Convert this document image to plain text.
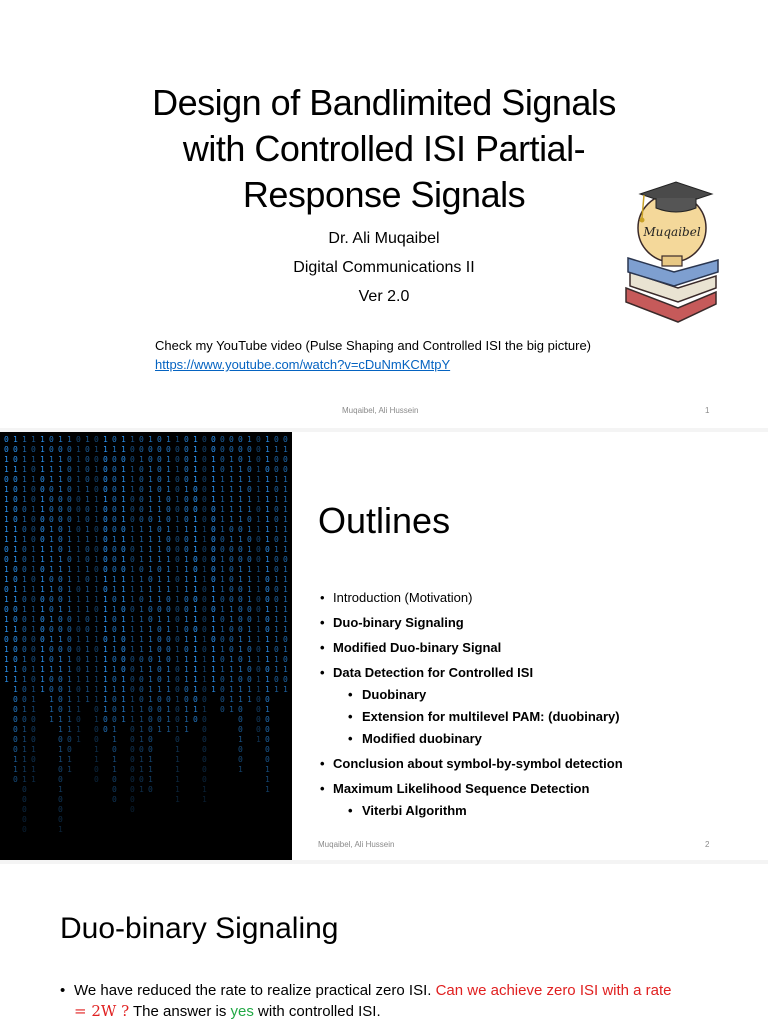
Design of Bandlimited Signals
with Controlled ISI Partial-
Response Signals
Dr. Ali Muqaibel
Digital Communications II
Ver 2.0
Muqaibel
Check my YouTube video (Pulse Shaping and Controlled ISI the big picture)
https://www.youtube.com/watch?v=cDuNmKCMtpY
Muqaibel, Ali Hussein	1
Outlines
• Introduction (Motivation)
• Duo-binary Signaling
• Modified Duo-binary Signal
• Data Detection for Controlled ISI
• Duobinary
• Extension for multilevel PAM: (duobinary)
• Modified duobinary
• Conclusion about symbol-by-symbol detection
• Maximum Likelihood Sequence Detection
• Viterbi Algorithm
Muqaibel, Ali Hussein	2
Duo-binary Signaling
• We have reduced the rate to realize practical zero ISI. Can we achieve zero ISI with a rate
= 2W ? The answer is yes with controlled ISI.
